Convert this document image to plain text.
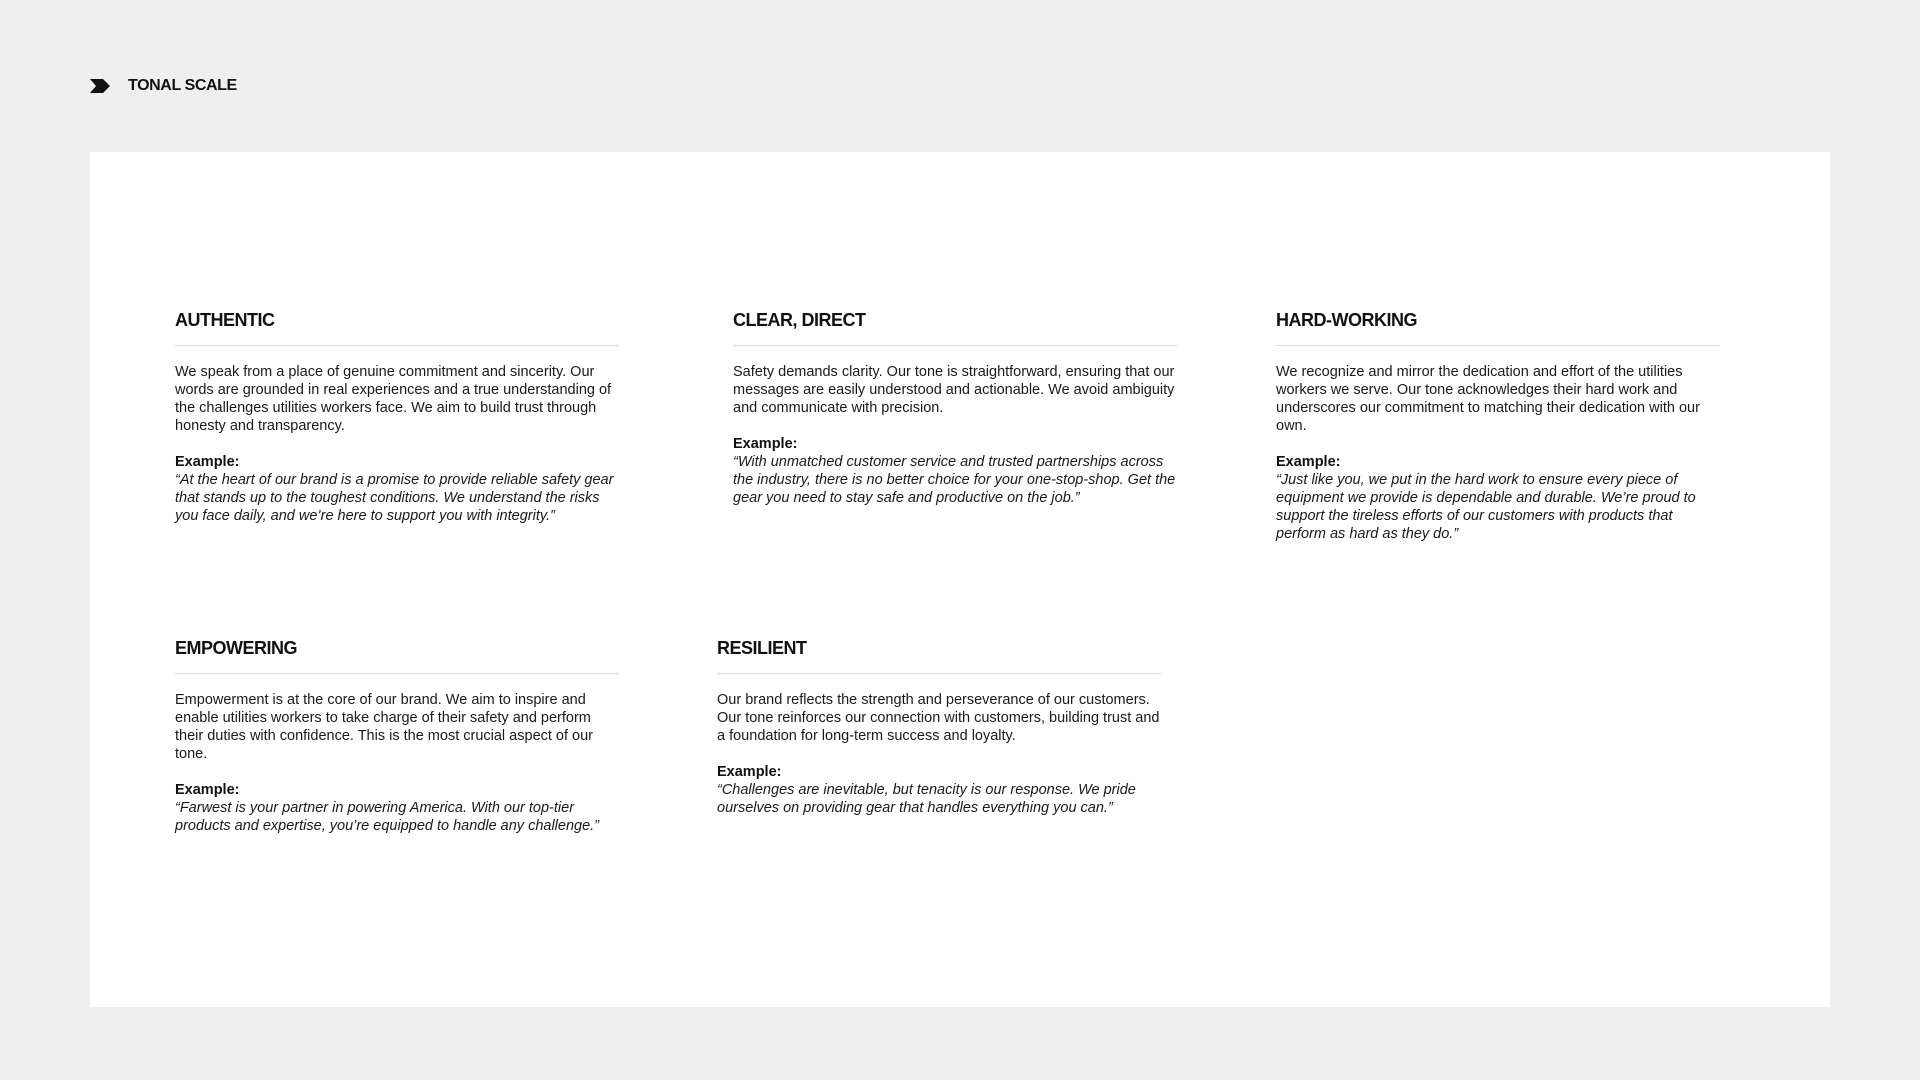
TONAL SCALE
AUTHENTIC

We speak from a place of genuine commitment and sincerity. Our words are grounded in real experiences and a true understanding of the challenges utilities workers face. We aim to build trust through honesty and transparency.

Example:

“At the heart of our brand is a promise to provide reliable safety gear that stands up to the toughest conditions. We understand the risks you face daily, and we’re here to support you with integrity.”

CLEAR, DIRECT

Safety demands clarity. Our tone is straightforward, ensuring that our messages are easily understood and actionable. We avoid ambiguity and communicate with precision.

Example:

“With unmatched customer service and trusted partnerships across the industry, there is no better choice for your one-stop-shop. Get the gear you need to stay safe and productive on the job.”

HARD-WORKING

We recognize and mirror the dedication and effort of the utilities workers we serve. Our tone acknowledges their hard work and underscores our commitment to matching their dedication with our own.

Example:

“Just like you, we put in the hard work to ensure every piece of equipment we provide is dependable and durable. We’re proud to support the tireless efforts of our customers with products that perform as hard as they do.”

EMPOWERING

Empowerment is at the core of our brand. We aim to inspire and enable utilities workers to take charge of their safety and perform their duties with confidence. This is the most crucial aspect of our tone.

Example:

“Farwest is your partner in powering America. With our top-tier products and expertise, you’re equipped to handle any challenge.”

RESILIENT

Our brand reflects the strength and perseverance of our customers. Our tone reinforces our connection with customers, building trust and a foundation for long-term success and loyalty.

Example:

“Challenges are inevitable, but tenacity is our response. We pride ourselves on providing gear that handles everything you can.”
